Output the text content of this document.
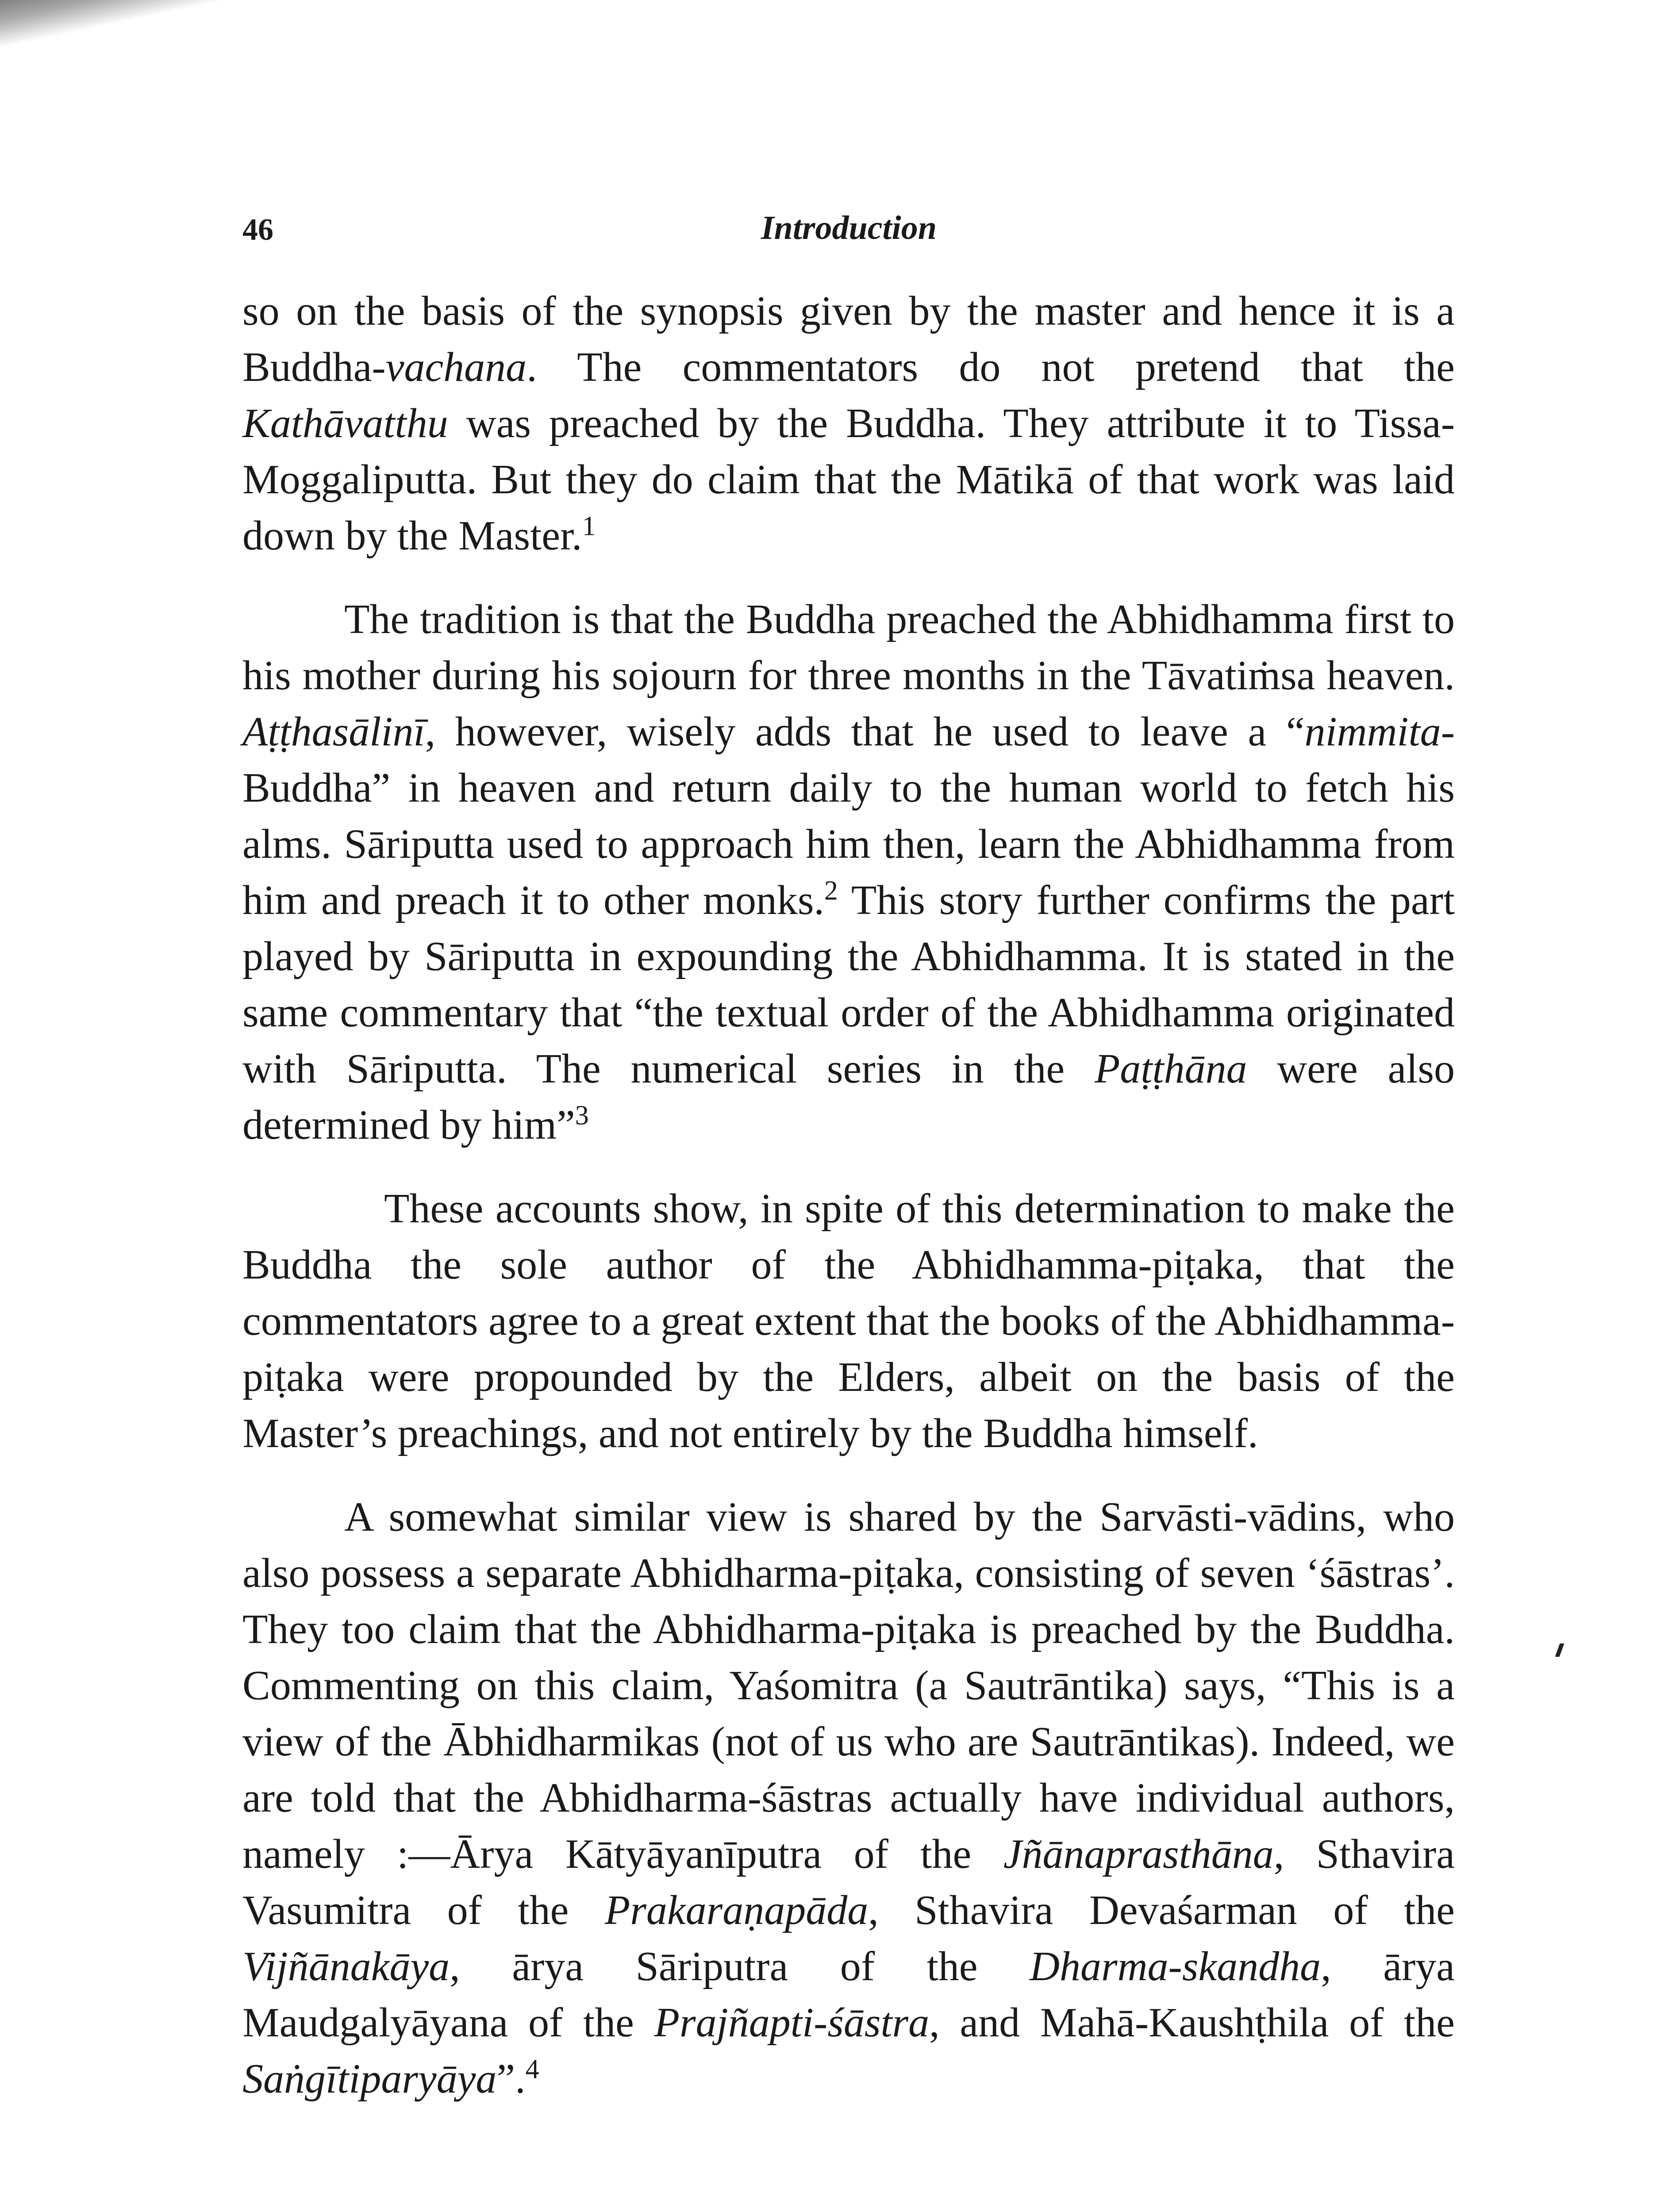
46	Introduction

so on the basis of the synopsis given by the master and hence it is a Buddha-vachana. The commentators do not pretend that the Kathāvatthu was preached by the Buddha. They attribute it to Tissa-Moggaliputta. But they do claim that the Mātikā of that work was laid down by the Master.$^1$

The tradition is that the Buddha preached the Abhidhamma first to his mother during his sojourn for three months in the Tāvatiṁsa heaven. Aṭṭhasālinī, however, wisely adds that he used to leave a “nimmita-Buddha” in heaven and return daily to the human world to fetch his alms. Sāriputta used to approach him then, learn the Abhidhamma from him and preach it to other monks.$^2$ This story further confirms the part played by Sāriputta in expounding the Abhidhamma. It is stated in the same commentary that “the textual order of the Abhidhamma originated with Sāriputta. The numerical series in the Paṭṭhāna were also determined by him”$^3$

These accounts show, in spite of this determination to make the Buddha the sole author of the Abhidhamma-piṭaka, that the commentators agree to a great extent that the books of the Abhidhamma-piṭaka were propounded by the Elders, albeit on the basis of the Master’s preachings, and not entirely by the Buddha himself.

A somewhat similar view is shared by the Sarvāsti-vādins, who also possess a separate Abhidharma-piṭaka, consisting of seven ‘śāstras’. They too claim that the Abhidharma-piṭaka is preached by the Buddha. Commenting on this claim, Yaśomitra (a Sautrāntika) says, “This is a view of the Ābhidharmikas (not of us who are Sautrāntikas). Indeed, we are told that the Abhidharma-śāstras actually have individual authors, namely :—Ārya Kātyāyanīputra of the Jñānaprasthāna, Sthavira Vasumitra of the Prakaraṇapāda, Sthavira Devaśarman of the Vijñānakāya, ārya Sāriputra of the Dharma-skandha, ārya Maudgalyāyana of the Prajñapti-śāstra, and Mahā-Kaushṭhila of the Saṅgītiparyāya”.$^4$
